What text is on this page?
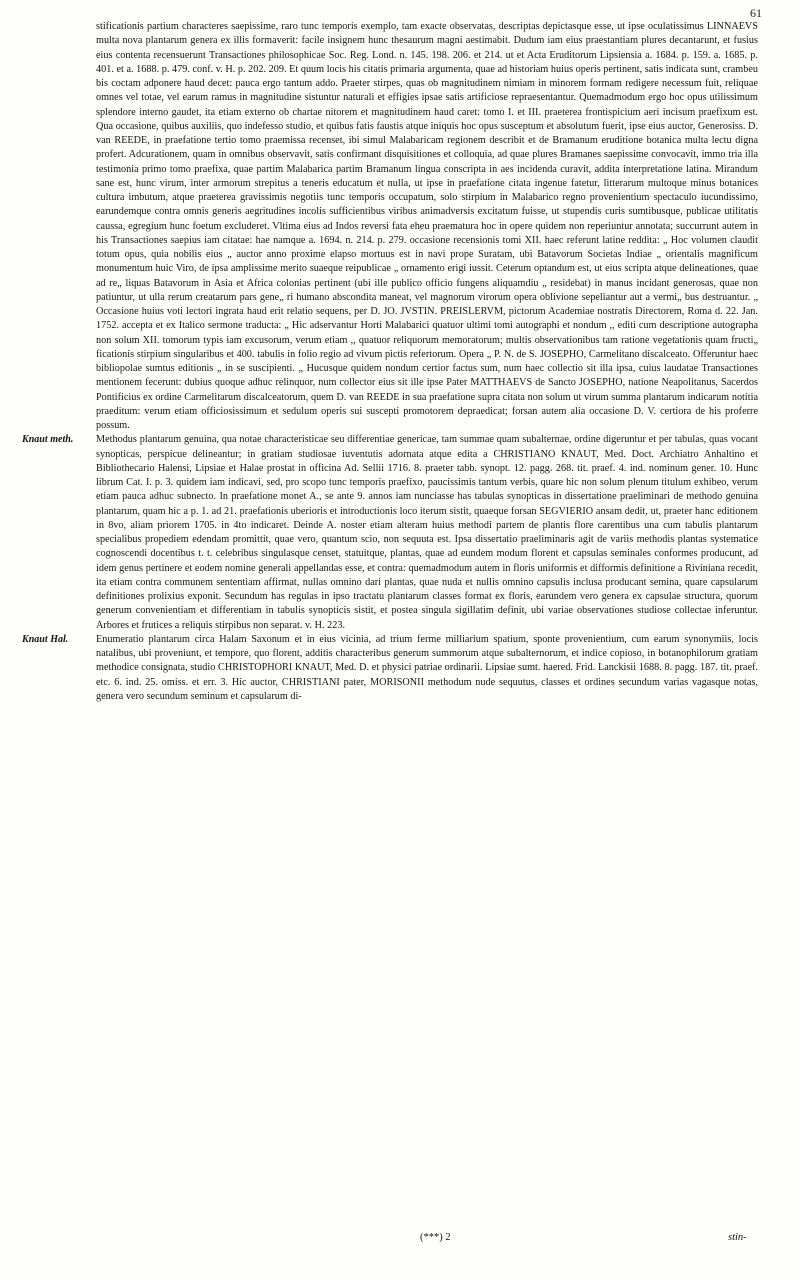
61

stificationis partium characteres saepissime, raro tunc temporis exemplo, tam exacte observatas, descriptas depictasque esse, ut ipse oculatissimus LINNAEVS multa nova plantarum genera ex illis formaverit: facile insignem hunc thesaurum magni aestimabit. Dudum iam eius praestantiam plures decantarunt, et fusius eius contenta recensuerunt Transactiones philosophicae Soc. Reg. Lond. n. 145. 198. 206. et 214. ut et Acta Eruditorum Lipsiensia a. 1684. p. 159. a. 1685. p. 401. et a. 1688. p. 479. conf. v. H. p. 202. 209. Et quum locis his citatis primaria argumenta, quae ad historiam huius operis pertinent, satis indicata sunt, crambeu bis coctam adponere haud decet: pauca ergo tantum addo. Praeter stirpes, quas ob magnitudinem nimiam in minorem formam redigere necessum fuit, reliquae omnes vel totae, vel earum ramus in magnitudine sistuntur naturali et effigies ipsae satis artificiose repraesentantur. Quemadmodum ergo hoc opus utilissimum splendore interno gaudet, ita etiam externo ob chartae nitorem et magnitudinem haud caret: tomo I. et III. praeterea frontispicium aeri incisum praefixum est. Qua occasione, quibus auxiliis, quo indefesso studio, et quibus fatis faustis atque iniquis hoc opus susceptum et absolutum fuerit, ipse eius auctor, Generosiss. D. van REEDE, in praefatione tertio tomo praemissa recenset, ibi simul Malabaricam regionem describit et de Bramanum eruditione botanica multa lectu digna profert. Adcurationem, quam in omnibus observavit, satis confirmant disquisitiones et colloquia, ad quae plures Bramanes saepissime convocavit, immo tria illa testimonia primo tomo praefixa, quae partim Malabarica partim Bramanum lingua conscripta in aes incidenda curavit, addita interpretatione latina. Mirandum sane est, hunc virum, inter armorum strepitus a teneris educatum et nulla, ut ipse in praefatione citata ingenue fatetur, litterarum multoque minus botanices cultura imbutum, atque praeterea gravissimis negotiis tunc temporis occupatum, solo stirpium in Malabarico regno provenientium spectaculo iucundissimo, earundemque contra omnis generis aegritudines incolis sufficientibus viribus animadversis excitatum fuisse, ut stupendis curis sumtibusque, publicae utilitatis caussa, egregium hunc foetum excluderet. Vltima eius ad Indos reversi fata eheu praematura hoc in opere quidem non reperiuntur annotata; succurrunt autem in his Transactiones saepius iam citatae: hae namque a. 1694. n. 214. p. 279. occasione recensionis tomi XII. haec referunt latine reddita: „ Hoc volumen claudit totum opus, quia nobilis eius „ auctor anno proxime elapso mortuus est in navi prope Suratam, ubi Batavorum Societas Indiae „ orientalis magnificum monumentum huic Viro, de ipsa amplissime merito suaeque reipublicae „ ornamento erigi iussit. Ceterum optandum est, ut eius scripta atque delineationes, quae ad re„ liquas Batavorum in Asia et Africa colonias pertinent (ubi ille publico officio fungens aliquamdiu „ residebat) in manus incidant generosas, quae non patiuntur, ut ulla rerum creatarum pars gene„ ri humano abscondita maneat, vel magnorum virorum opera oblivione sepeliantur aut a vermi„ bus destruantur. „ Occasione huius voti lectori ingrata haud erit relatio sequens, per D. JO. JVSTIN. PREISLERVM, pictorum Academiae nostratis Directorem, Roma d. 22. Jan. 1752. accepta et ex Italico sermone traducta: „ Hic adservantur Horti Malabarici quatuor ultimi tomi autographi et nondum ,, editi cum descriptione autographa non solum XII. tomorum typis iam excusorum, verum etiam ,, quatuor reliquorum memoratorum; multis observationibus tam ratione vegetationis quam fructi„ ficationis stirpium singularibus et 400. tabulis in folio regio ad vivum pictis refertorum. Opera „ P. N. de S. JOSEPHO, Carmelitano discalceato. Offeruntur haec bibliopolae sumtus editionis „ in se suscipienti. „ Hucusque quidem nondum certior factus sum, num haec collectio sit illa ipsa, cuius laudatae Transactiones mentionem fecerunt: dubius quoque adhuc relinquor, num collector eius sit ille ipse Pater MATTHAEVS de Sancto JOSEPHO, natione Neapolitanus, Sacerdos Pontificius ex ordine Carmelitarum discalceatorum, quem D. van REEDE in sua praefatione supra citata non solum ut virum summa plantarum indicarum notitia praeditum: verum etiam officiosissimum et sedulum operis sui suscepti promotorem depraedicat; forsan autem alia occasione D. V. certiora de his proferre possum.

Knaut meth.	Methodus plantarum genuina, qua notae characteristicae seu differentiae genericae, tam summae quam subalternae, ordine digeruntur et per tabulas, quas vocant synopticas, perspicue delineantur; in gratiam studiosae iuventutis adornata atque edita a CHRISTIANO KNAUT, Med. Doct. Archiatro Anhaltino et Bibliothecario Halensi, Lipsiae et Halae prostat in officina Ad. Sellii 1716. 8. praeter tabb. synopt. 12. pagg. 268. tit. praef. 4. ind. nominum gener. 10. Hunc librum Cat. I. p. 3. quidem iam indicavi, sed, pro scopo tunc temporis praefixo, paucissimis tantum verbis, quare hic non solum plenum titulum exhibeo, verum etiam pauca adhuc subnecto. In praefatione monet A., se ante 9. annos iam nunciasse has tabulas synopticas in dissertatione praeliminari de methodo genuina plantarum, quam hic a p. 1. ad 21. praefationis uberioris et introductionis loco iterum sistit, quaeque forsan SEGVIERIO ansam dedit, ut, praeter hanc editionem in 8vo, aliam priorem 1705. in 4to indicaret. Deinde A. noster etiam alteram huius methodi partem de plantis flore carentibus una cum tabulis plantarum specialibus propediem edendam promittit, quae vero, quantum scio, non sequuta est. Ipsa dissertatio praeliminaris agit de variis methodis plantas systematice cognoscendi docentibus t. t. celebribus singulasque censet, statuitque, plantas, quae ad eundem modum florent et capsulas seminales conformes producunt, ad idem genus pertinere et eodem nomine generali appellandas esse, et contra: quemadmodum autem in floris uniformis et difformis definitione a Riviniana recedit, ita etiam contra communem sententiam affirmat, nullas omnino dari plantas, quae nuda et nullis omnino capsulis inclusa producant semina, quare capsularum definitiones prolixius exponit. Secundum has regulas in ipso tractatu plantarum classes format ex floris, earundem vero genera ex capsulae structura, quorum generum convenientiam et differentiam in tabulis synopticis sistit, et postea singula sigillatim definit, ubi variae observationes studiose collectae inferuntur. Arbores et frutices a reliquis stirpibus non separat. v. H. 223.

Knaut Hal.	Enumeratio plantarum circa Halam Saxonum et in eius vicinia, ad trium ferme milliarium spatium, sponte provenientium, cum earum synonymiis, locis natalibus, ubi proveniunt, et tempore, quo florent, additis characteribus generum summorum atque subalternorum, et indice copioso, in botanophilorum gratiam methodice consignata, studio CHRISTOPHORI KNAUT, Med. D. et physici patriae ordinarii. Lipsiae sumt. haered. Frid. Lanckisii 1688. 8. pagg. 187. tit. praef. etc. 6. ind. 25. omiss. et err. 3. Hic auctor, CHRISTIANI pater, MORISONII methodum nude sequutus, classes et ordines secundum varias vagasque notas, genera vero secundum seminum et capsularum di-

(***) 2	stin-
